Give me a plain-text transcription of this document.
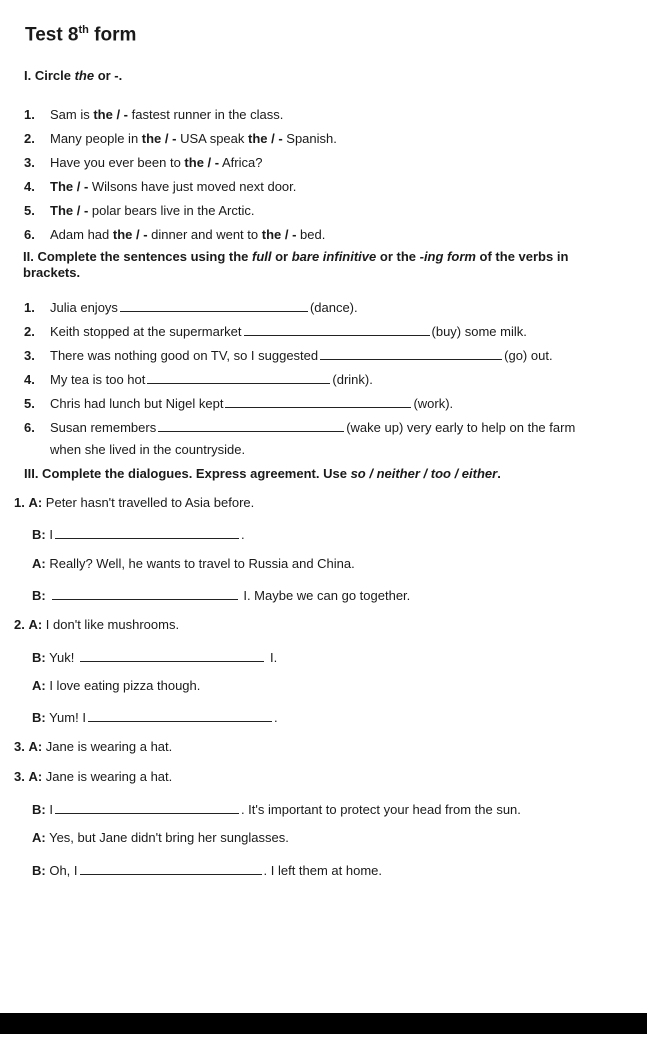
Test 8th form
I. Circle the or -.
1. Sam is the / - fastest runner in the class.
2. Many people in the / - USA speak the / - Spanish.
3. Have you ever been to the / - Africa?
4. The / - Wilsons have just moved next door.
5. The / - polar bears live in the Arctic.
6. Adam had the / - dinner and went to the / - bed.
II. Complete the sentences using the full or bare infinitive or the -ing form of the verbs in brackets.
1. Julia enjoys	(dance).
2. Keith stopped at the supermarket	(buy) some milk.
3. There was nothing good on TV, so I suggested	(go) out.
4. My tea is too hot	(drink).
5. Chris had lunch but Nigel kept	(work).
6. Susan remembers	(wake up) very early to help on the farm
when she lived in the countryside.
III. Complete the dialogues. Express agreement. Use so / neither / too / either.
1. A: Peter hasn't travelled to Asia before.
B: I	.
A: Really? Well, he wants to travel to Russia and China.
B:	I. Maybe we can go together.
2. A: I don't like mushrooms.
B: Yuk!	I.
A: I love eating pizza though.
B: Yum! I	.
3. A: Jane is wearing a hat.
3. A: Jane is wearing a hat.
B: I	. It's important to protect your head from the sun.
A: Yes, but Jane didn't bring her sunglasses.
B: Oh, I	. I left them at home.
